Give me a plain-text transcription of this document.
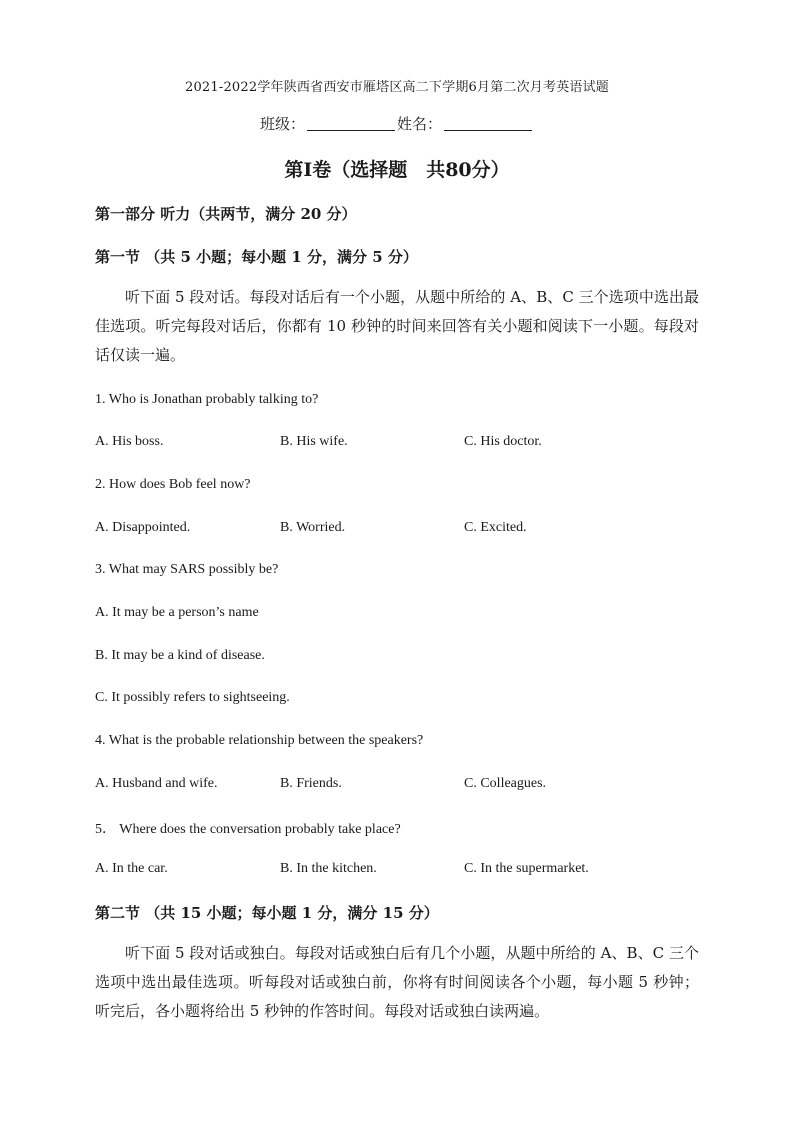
2021-2022学年陕西省西安市雁塔区高二下学期6月第二次月考英语试题
班级：	姓名：
第I卷（选择题　共80分）
第一部分 听力（共两节，满分 20 分）
第一节 （共 5 小题；每小题 1 分，满分 5 分）
听下面 5 段对话。每段对话后有一个小题，从题中所给的 A、B、C 三个选项中选出最佳选项。听完每段对话后，你都有 10 秒钟的时间来回答有关小题和阅读下一小题。每段对话仅读一遍。
1. Who is Jonathan probably talking to?
A. His boss.	B. His wife.	C. His doctor.
2. How does Bob feel now?
A. Disappointed.	B. Worried.	C. Excited.
3. What may SARS possibly be?
A. It may be a person’s name
B. It may be a kind of disease.
C. It possibly refers to sightseeing.
4. What is the probable relationship between the speakers?
A. Husband and wife.	B. Friends.	C. Colleagues.
5． Where does the conversation probably take place?
A. In the car.	B. In the kitchen.	C. In the supermarket.
第二节 （共 15 小题；每小题 1 分，满分 15 分）
听下面 5 段对话或独白。每段对话或独白后有几个小题，从题中所给的 A、B、C 三个选项中选出最佳选项。听每段对话或独白前，你将有时间阅读各个小题，每小题 5 秒钟；听完后，各小题将给出 5 秒钟的作答时间。每段对话或独白读两遍。
